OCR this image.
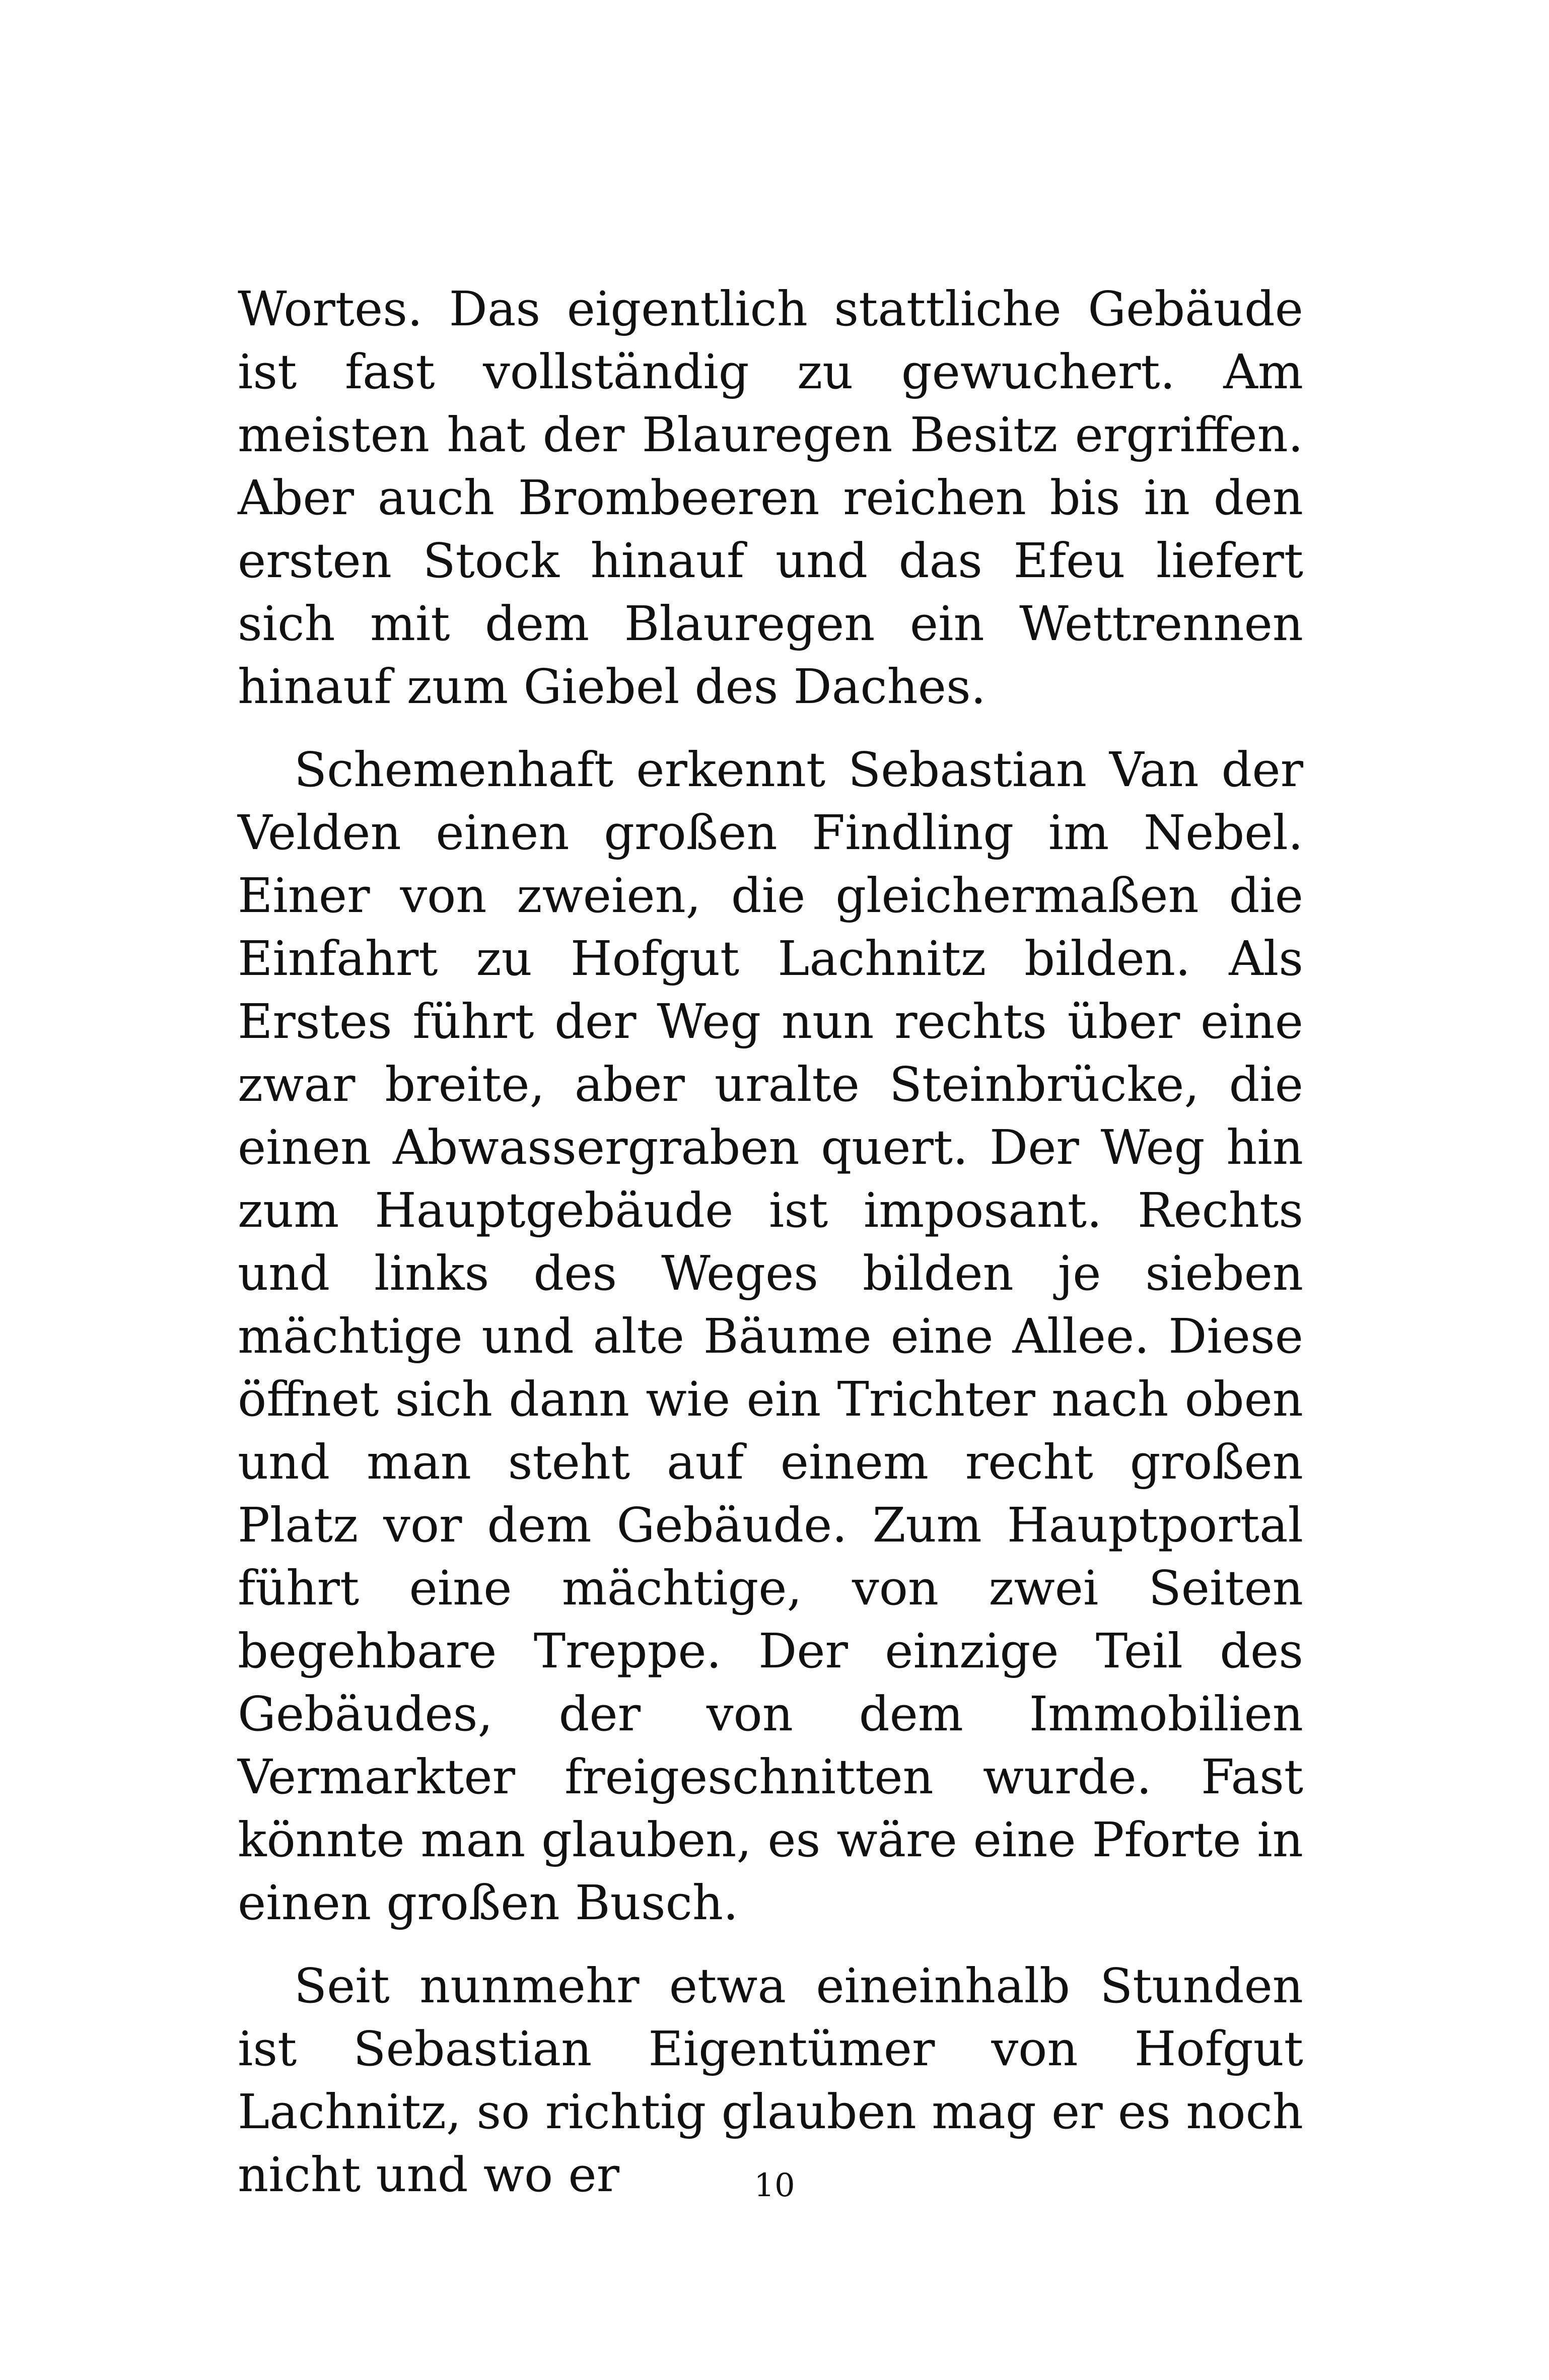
Wortes. Das eigentlich stattliche Gebäude ist fast vollständig zu gewuchert. Am meisten hat der Blauregen Besitz ergriffen. Aber auch Brombeeren reichen bis in den ersten Stock hinauf und das Efeu liefert sich mit dem Blauregen ein Wettrennen hinauf zum Giebel des Daches.

Schemenhaft erkennt Sebastian Van der Velden einen großen Findling im Nebel. Einer von zweien, die gleichermaßen die Einfahrt zu Hofgut Lachnitz bilden. Als Erstes führt der Weg nun rechts über eine zwar breite, aber uralte Steinbrücke, die einen Abwassergraben quert. Der Weg hin zum Hauptgebäude ist imposant. Rechts und links des Weges bilden je sieben mächtige und alte Bäume eine Allee. Diese öffnet sich dann wie ein Trichter nach oben und man steht auf einem recht großen Platz vor dem Gebäude. Zum Hauptportal führt eine mächtige, von zwei Seiten begehbare Treppe. Der einzige Teil des Gebäudes, der von dem Immobilien Vermarkter freigeschnitten wurde. Fast könnte man glauben, es wäre eine Pforte in einen großen Busch.

Seit nunmehr etwa eineinhalb Stunden ist Sebastian Eigentümer von Hofgut Lachnitz, so richtig glauben mag er es noch nicht und wo er	10
